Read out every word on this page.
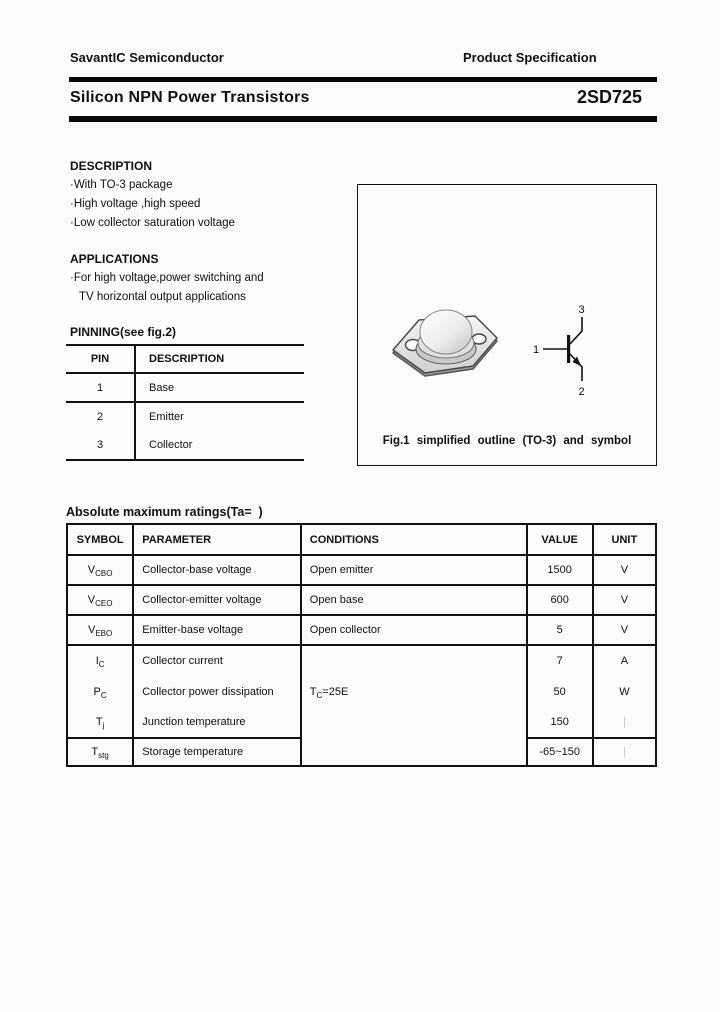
SavantIC Semiconductor	Product Specification
Silicon NPN Power Transistors	2SD725
DESCRIPTION
·With TO-3 package
·High voltage ,high speed
·Low collector saturation voltage
APPLICATIONS
·For high voltage,power switching and
TV horizontal output applications
PINNING(see fig.2)
PIN	DESCRIPTION
1	Base
2	Emitter
3	Collector
3
1
2
Fig.1 simplified outline (TO-3) and symbol
Absolute maximum ratings(Ta=  )
SYMBOL	PARAMETER	CONDITIONS	VALUE	UNIT
$V_{CBO}$	Collector-base voltage	Open emitter	1500	V
$V_{CEO}$	Collector-emitter voltage	Open base	600	V
$V_{EBO}$	Emitter-base voltage	Open collector	5	V
$I_C$	Collector current	$T_C=25E$	7	A
$P_C$	Collector power dissipation		50	W
$T_j$	Junction temperature		150	|
$T_{stg}$	Storage temperature		-65~150	|
